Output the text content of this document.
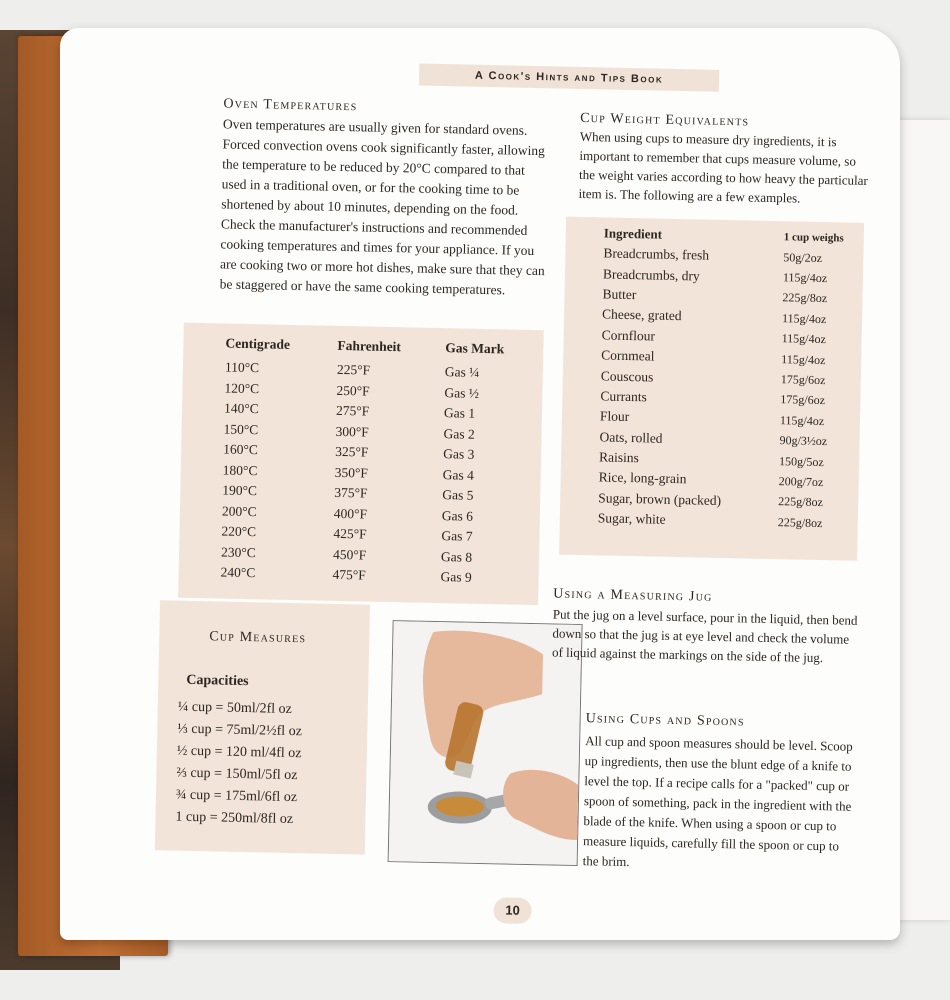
A Cook's Hints and Tips Book
Oven Temperatures
Oven temperatures are usually given for standard ovens. Forced convection ovens cook significantly faster, allowing the temperature to be reduced by 20°C compared to that used in a traditional oven, or for the cooking time to be shortened by about 10 minutes, depending on the food. Check the manufacturer's instructions and recommended cooking temperatures and times for your appliance. If you are cooking two or more hot dishes, make sure that they can be staggered or have the same cooking temperatures.
Centigrade	Fahrenheit	Gas Mark
110°C	225°F	Gas ¼
120°C	250°F	Gas ½
140°C	275°F	Gas 1
150°C	300°F	Gas 2
160°C	325°F	Gas 3
180°C	350°F	Gas 4
190°C	375°F	Gas 5
200°C	400°F	Gas 6
220°C	425°F	Gas 7
230°C	450°F	Gas 8
240°C	475°F	Gas 9
Cup Measures
Capacities
¼ cup = 50ml/2fl oz
⅓ cup = 75ml/2½fl oz
½ cup = 120 ml/4fl oz
⅔ cup = 150ml/5fl oz
¾ cup = 175ml/6fl oz
1 cup = 250ml/8fl oz
Cup Weight Equivalents
When using cups to measure dry ingredients, it is important to remember that cups measure volume, so the weight varies according to how heavy the particular item is. The following are a few examples.
Ingredient	1 cup weighs
Breadcrumbs, fresh	50g/2oz
Breadcrumbs, dry	115g/4oz
Butter	225g/8oz
Cheese, grated	115g/4oz
Cornflour	115g/4oz
Cornmeal	115g/4oz
Couscous	175g/6oz
Currants	175g/6oz
Flour	115g/4oz
Oats, rolled	90g/3½oz
Raisins	150g/5oz
Rice, long-grain	200g/7oz
Sugar, brown (packed)	225g/8oz
Sugar, white	225g/8oz
Using a Measuring Jug
Put the jug on a level surface, pour in the liquid, then bend down so that the jug is at eye level and check the volume of liquid against the markings on the side of the jug.
Using Cups and Spoons
All cup and spoon measures should be level. Scoop up ingredients, then use the blunt edge of a knife to level the top. If a recipe calls for a "packed" cup or spoon of something, pack in the ingredient with the blade of the knife. When using a spoon or cup to measure liquids, carefully fill the spoon or cup to the brim.
10
